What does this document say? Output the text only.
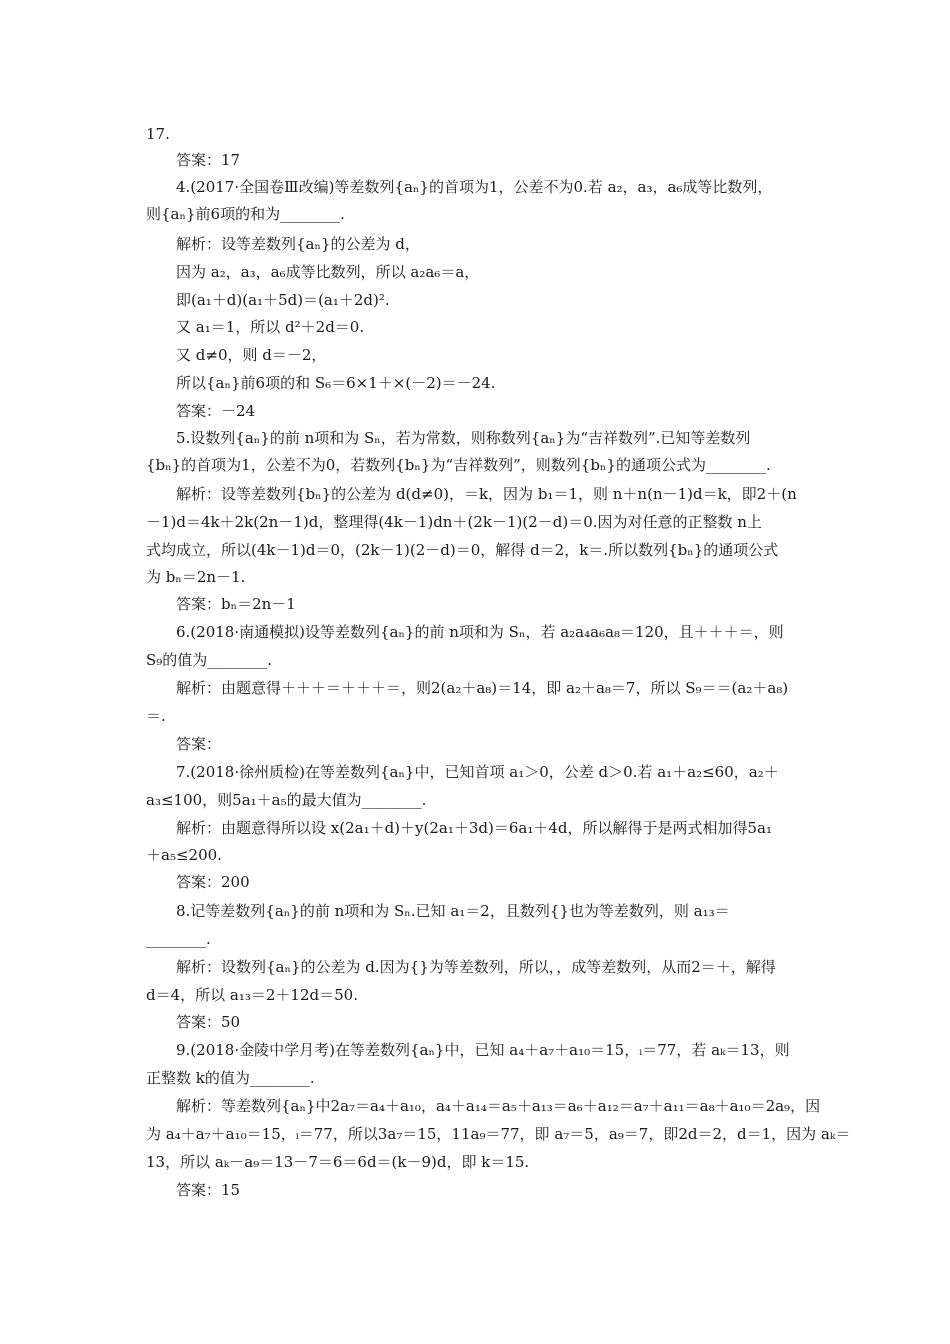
17.
答案：17
4.(2017·全国卷Ⅲ改编)等差数列{aₙ}的首项为1，公差不为0.若 a₂，a₃，a₆成等比数列，
则{aₙ}前6项的和为________.
解析：设等差数列{aₙ}的公差为 d，
因为 a₂，a₃，a₆成等比数列，所以 a₂a₆＝a，
即(a₁＋d)(a₁＋5d)＝(a₁＋2d)².
又 a₁＝1，所以 d²＋2d＝0.
又 d≠0，则 d＝－2，
所以{aₙ}前6项的和 S₆＝6×1＋×(－2)＝－24.
答案：－24
5.设数列{aₙ}的前 n项和为 Sₙ，若为常数，则称数列{aₙ}为“吉祥数列”.已知等差数列
{bₙ}的首项为1，公差不为0，若数列{bₙ}为“吉祥数列”，则数列{bₙ}的通项公式为________.
解析：设等差数列{bₙ}的公差为 d(d≠0)，＝k，因为 b₁＝1，则 n＋n(n－1)d＝k，即2＋(n
－1)d＝4k＋2k(2n－1)d，整理得(4k－1)dn＋(2k－1)(2－d)＝0.因为对任意的正整数 n上
式均成立，所以(4k－1)d＝0，(2k－1)(2－d)＝0，解得 d＝2，k＝.所以数列{bₙ}的通项公式
为 bₙ＝2n－1.
答案：bₙ＝2n－1
6.(2018·南通模拟)设等差数列{aₙ}的前 n项和为 Sₙ，若 a₂a₄a₆a₈＝120，且＋＋＋＝，则
S₉的值为________.
解析：由题意得＋＋＋＝＋＋＋＝，则2(a₂＋a₈)＝14，即 a₂＋a₈＝7，所以 S₉＝＝(a₂＋a₈)
＝.
答案：
7.(2018·徐州质检)在等差数列{aₙ}中，已知首项 a₁＞0，公差 d＞0.若 a₁＋a₂≤60，a₂＋
a₃≤100，则5a₁＋a₅的最大值为________.
解析：由题意得所以设 x(2a₁＋d)＋y(2a₁＋3d)＝6a₁＋4d，所以解得于是两式相加得5a₁
＋a₅≤200.
答案：200
8.记等差数列{aₙ}的前 n项和为 Sₙ.已知 a₁＝2，且数列{}也为等差数列，则 a₁₃＝
________.
解析：设数列{aₙ}的公差为 d.因为{}为等差数列，所以，，成等差数列，从而2＝＋，解得
d＝4，所以 a₁₃＝2＋12d＝50.
答案：50
9.(2018·金陵中学月考)在等差数列{aₙ}中，已知 a₄＋a₇＋a₁₀＝15，ᵢ＝77，若 aₖ＝13，则
正整数 k的值为________.
解析：等差数列{aₙ}中2a₇＝a₄＋a₁₀，a₄＋a₁₄＝a₅＋a₁₃＝a₆＋a₁₂＝a₇＋a₁₁＝a₈＋a₁₀＝2a₉，因
为 a₄＋a₇＋a₁₀＝15，ᵢ＝77，所以3a₇＝15，11a₉＝77，即 a₇＝5，a₉＝7，即2d＝2，d＝1，因为 aₖ＝
13，所以 aₖ－a₉＝13－7＝6＝6d＝(k－9)d，即 k＝15.
答案：15
